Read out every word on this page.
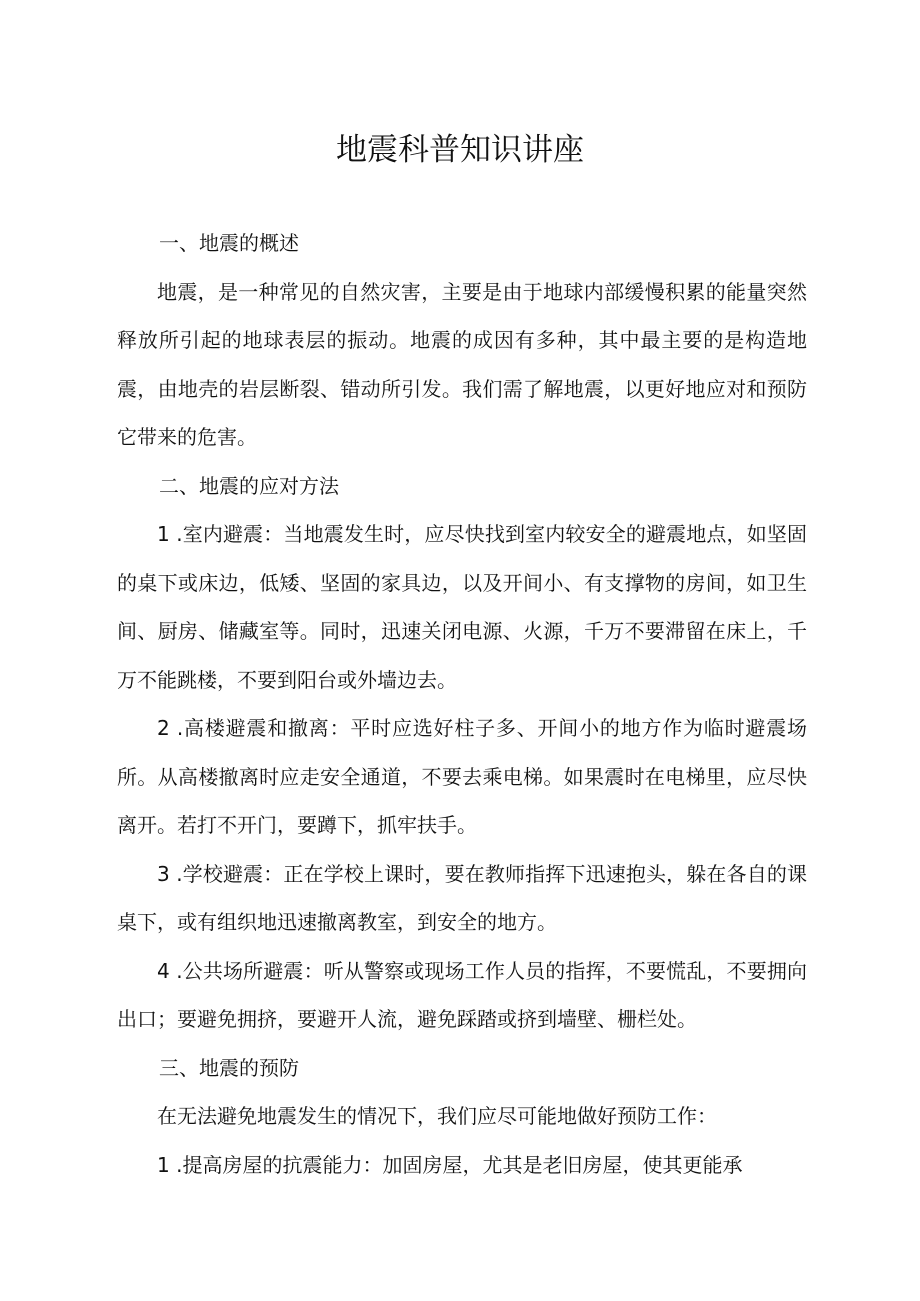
地震科普知识讲座

一、地震的概述

地震，是一种常见的自然灾害，主要是由于地球内部缓慢积累的能量突然释放所引起的地球表层的振动。地震的成因有多种，其中最主要的是构造地震，由地壳的岩层断裂、错动所引发。我们需了解地震，以更好地应对和预防它带来的危害。

二、地震的应对方法

1 .室内避震：当地震发生时，应尽快找到室内较安全的避震地点，如坚固的桌下或床边，低矮、坚固的家具边，以及开间小、有支撑物的房间，如卫生间、厨房、储藏室等。同时，迅速关闭电源、火源，千万不要滞留在床上，千万不能跳楼，不要到阳台或外墙边去。

2 .高楼避震和撤离：平时应选好柱子多、开间小的地方作为临时避震场所。从高楼撤离时应走安全通道，不要去乘电梯。如果震时在电梯里，应尽快离开。若打不开门，要蹲下，抓牢扶手。

3 .学校避震：正在学校上课时，要在教师指挥下迅速抱头，躲在各自的课桌下，或有组织地迅速撤离教室，到安全的地方。

4 .公共场所避震：听从警察或现场工作人员的指挥，不要慌乱，不要拥向出口；要避免拥挤，要避开人流，避免踩踏或挤到墙壁、栅栏处。

三、地震的预防

在无法避免地震发生的情况下，我们应尽可能地做好预防工作：

1 .提高房屋的抗震能力：加固房屋，尤其是老旧房屋，使其更能承
